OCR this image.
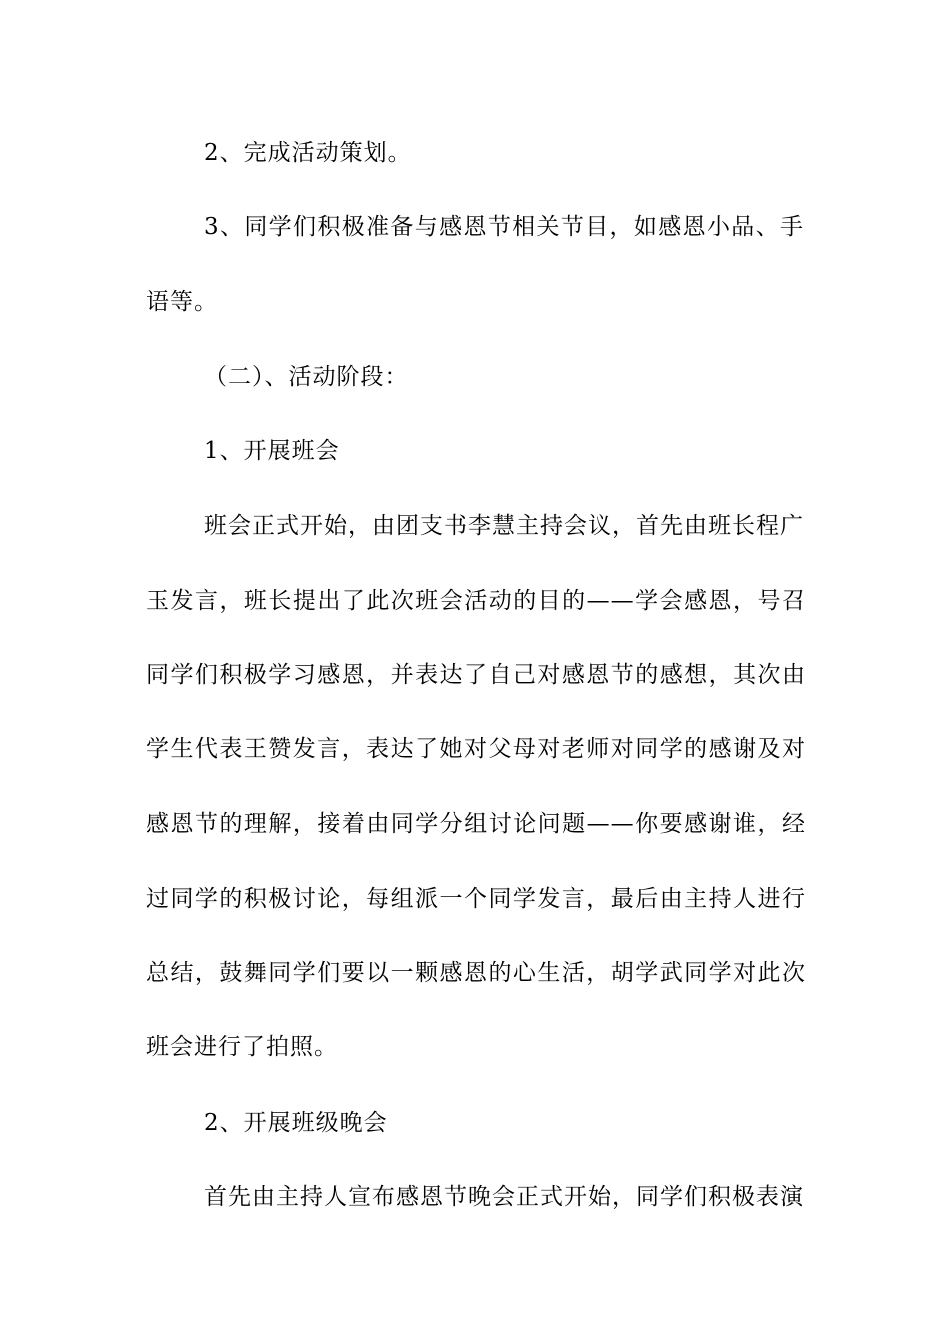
2、完成活动策划。
3、同学们积极准备与感恩节相关节目，如感恩小品、手
语等。
（二）、活动阶段：
1、开展班会
班会正式开始，由团支书李慧主持会议，首先由班长程广
玉发言，班长提出了此次班会活动的目的——学会感恩，号召
同学们积极学习感恩，并表达了自己对感恩节的感想，其次由
学生代表王赞发言，表达了她对父母对老师对同学的感谢及对
感恩节的理解，接着由同学分组讨论问题——你要感谢谁，经
过同学的积极讨论，每组派一个同学发言，最后由主持人进行
总结，鼓舞同学们要以一颗感恩的心生活，胡学武同学对此次
班会进行了拍照。
2、开展班级晚会
首先由主持人宣布感恩节晚会正式开始，同学们积极表演
